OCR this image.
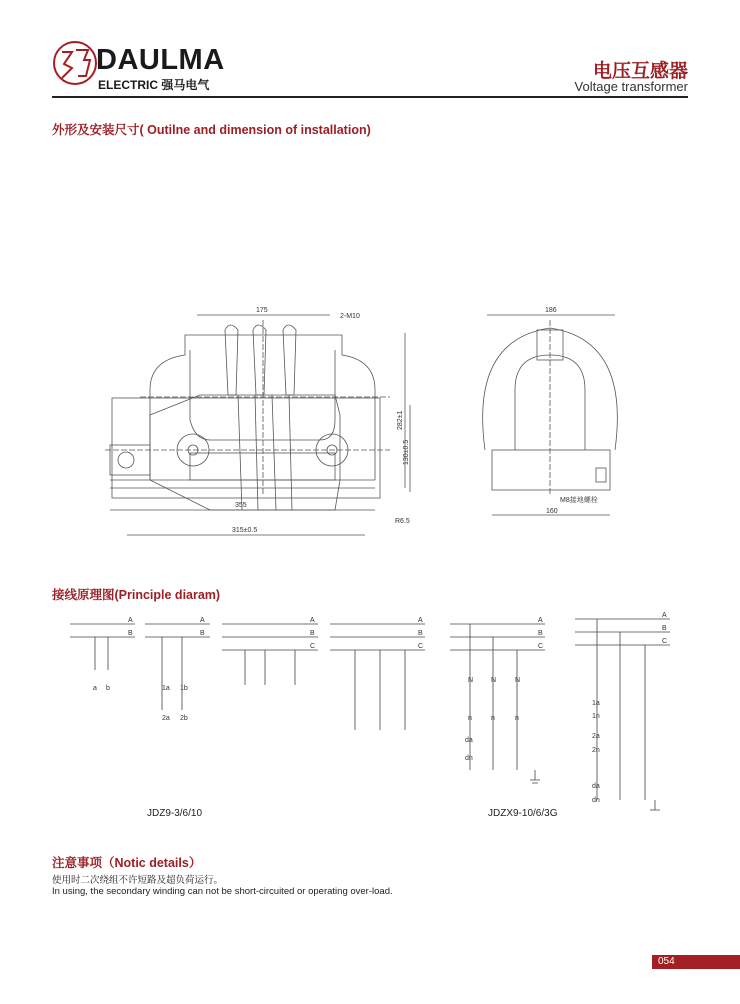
DAULMA
ELECTRIC 强马电气
电压互感器
Voltage transformer
外形及安装尺寸( Outilne and dimension of installation)
175
2-M10
282±1
355
186
M8接地螺栓
160
130±0.5
315±0.5
R6.5
接线原理图(Principle diaram)
A
B
A
B
A
B
C
A
B
C
A
B
C
A
B
C
a b	1a 1b
2a 2b
N	N	N
n	n	n
da
dn
1a
1n
2a
2n
da
dn
JDZ9-3/6/10	JDZX9-10/6/3G
注意事项（Notic details）
使用时二次绕组不许短路及超负荷运行。
In using, the secondary winding can not be short-circuited or operating over-load.
054
